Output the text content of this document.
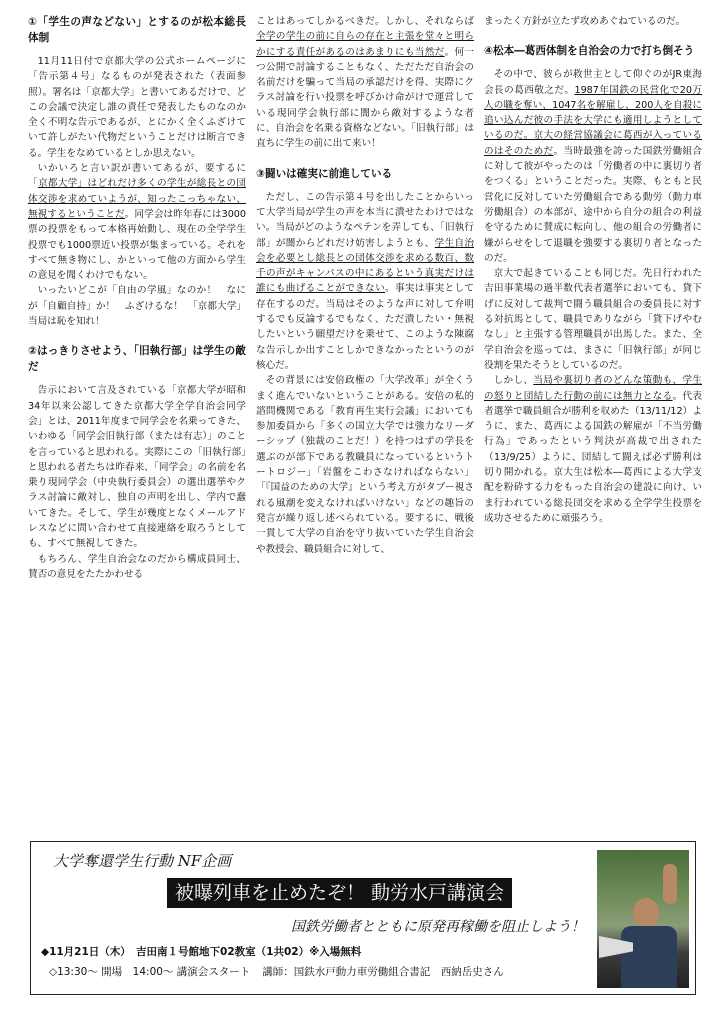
①「学生の声などない」とするのが松本総長体制

11月11日付で京都大学の公式ホームページに「告示第４号」なるものが発表された（表面参照）。署名は「京都大学」と書いてあるだけで、どこの会議で決定し誰の責任で発表したものなのか全く不明な告示であるが、とにかく全くふざけていて許しがたい代物だということだけは断言できる。学生をなめているとしか思えない。

いかいろと言い訳が書いてあるが、要するに「京都大学」はどれだけ多くの学生が総長との団体交渉を求めていようが、知ったこっちゃない、無視するということだ。同学会は昨年春には3000票の投票をもって本格再始動し、現在の全学学生投票でも1000票近い投票が集まっている。それをすべて無き物にし、かといって他の方面から学生の意見を聞くわけでもない。

いったいどこが「自由の学風」なのか！　なにが「自顧自持」か！　ふざけるな！　「京都大学」当局は恥を知れ！

②はっきりさせよう、「旧執行部」は学生の敵だ

告示において言及されている「京都大学が昭和34年以来公認してきた京都大学全学自治会同学会」とは、2011年度まで同学会を名乗ってきた、いわゆる「同学会旧執行部（または有志）」のことを言っていると思われる。実際にこの「旧執行部」と思われる者たちは昨春来、「同学会」の名前を名乗り現同学会（中央執行委員会）の選出選挙やクラス討論に敵対し、独自の声明を出し、学内で蠢いてきた。そして、学生が幾度となくメールアドレスなどに問い合わせて直接連絡を取ろうとしても、すべて無視してきた。

もちろん、学生自治会なのだから構成員同士、賛否の意見をたたかわせる

ことはあってしかるべきだ。しかし、それならば全学の学生の前に自らの存在と主張を堂々と明らかにする責任があるのはあまりにも当然だ。何一つ公開で討論することもなく、ただただ自治会の名前だけを騙って当局の承認だけを得、実際にクラス討論を行い投票を呼びかけ命がけで運営している現同学会執行部に闇から敵対するような者に、自治会を名乗る資格などない。「旧執行部」は直ちに学生の前に出て来い！

③闘いは確実に前進している

ただし、この告示第４号を出したことからいって大学当局が学生の声を本当に潰せたわけではない。当局がどのようなペテンを弄しても、「旧執行部」が闇からどれだけ妨害しようとも、学生自治会を必要とし総長との団体交渉を求める数百、数千の声がキャンパスの中にあるという真実だけは誰にも曲げることができない。事実は事実として存在するのだ。当局はそのような声に対して弁明するでも反論するでもなく、ただ潰したい・無視したいという願望だけを乗せて、このような陳腐な告示しか出すことしかできなかったというのが核心だ。

その背景には安倍政権の「大学改革」が全くうまく進んでいないということがある。安倍の私的諮問機関である「教育再生実行会議」においても参加委員から「多くの国立大学では強力なリーダーシップ（独裁のことだ！）を持つはずの学長を選ぶのが部下である教職員になっているというトートロジー」「岩盤をこわさなければならない」「『国益のための大学』という考え方がタブー視される風潮を変えなければいけない」などの趣旨の発言が繰り返し述べられている。要するに、戦後一貫して大学の自治を守り抜いていた学生自治会や教授会、職員組合に対して、

まったく方針が立たず攻めあぐねているのだ。

④松本―葛西体制を自治会の力で打ち倒そう

その中で、彼らが救世主として仰ぐのがJR東海会長の葛西敬之だ。1987年国鉄の民営化で20万人の職を奪い、1047名を解雇し、200人を自殺に追い込んだ彼の手法を大学にも適用しようとしているのだ。京大の経営協議会に葛西が入っているのはそのためだ。当時最強を誇った国鉄労働組合に対して彼がやったのは「労働者の中に裏切り者をつくる」ということだった。実際、もともと民営化に反対していた労働組合である動労（動力車労働組合）の本部が、途中から自分の組合の利益を守るために賛成に転向し、他の組合の労働者に嫌がらせをして退職を強要する裏切り者となったのだ。

京大で起きていることも同じだ。先日行われた吉田事業場の過半数代表者選挙においても、貸下げに反対して裁判で闘う職員組合の委員長に対する対抗馬として、職員でありながら「貸下げやむなし」と主張する管理職員が出馬した。また、全学自治会を巡っては、まさに「旧執行部」が同じ役割を果たそうとしているのだ。

しかし、当局や裏切り者のどんな策動も、学生の怒りと団結した行動の前には無力となる。代表者選挙で職員組合が勝利を収めた（13/11/12）ように、また、葛西による国鉄の解雇が「不当労働行為」であったという判決が高裁で出された（13/9/25）ように、団結して闘えば必ず勝利は切り開かれる。京大生は松本―葛西による大学支配を粉砕する力をもった自治会の建設に向け、いま行われている総長団交を求める全学学生投票を成功させるために頑張ろう。

大学奪還学生行動 NF企画
被曝列車を止めたぞ！ 動労水戸講演会
国鉄労働者とともに原発再稼働を阻止しよう！
◆11月21日（木）　吉田南１号館地下02教室（1共02）※入場無料
◇13:30～ 開場　14:00～ 講演会スタート 講師：国鉄水戸動力車労働組合書記　西納岳史さん
